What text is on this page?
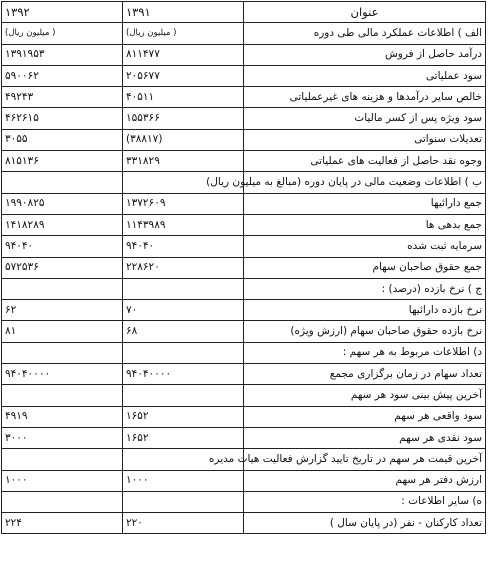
۱۳۹۲	۱۳۹۱	عنوان
( میلیون ریال)	( میلیون ریال)	الف ) اطلاعات عملکرد مالی طی دوره
۱۳۹۱۹۵۳	۸۱۱۴۷۷	درآمد حاصل از فروش
۵۹۰۰۶۲	۲۰۵۶۷۷	سود عملیاتی
۴۹۲۴۳	۴۰۵۱۱	خالص سایر درآمدها و هزینه های غیرعملیاتی
۴۶۲۶۱۵	۱۵۵۳۶۶	سود ویژه پس از کسر مالیات
۳۰۵۵	(۳۸۸۱۷)	تعدیلات سنواتی
۸۱۵۱۳۶	۳۳۱۸۲۹	وجوه نقد حاصل از فعالیت های عملیاتی
		ب ) اطلاعات وضعیت مالی در پایان دوره (مبالغ به میلیون ریال)
۱۹۹۰۸۲۵	۱۳۷۲۶۰۹	جمع دارائیها
۱۴۱۸۲۸۹	۱۱۴۳۹۸۹	جمع بدهی ها
۹۴۰۴۰	۹۴۰۴۰	سرمایه ثبت شده
۵۷۲۵۳۶	۲۲۸۶۲۰	جمع حقوق صاحبان سهام
		ج ) نرخ بازده (درصد) :
۶۲	۷۰	نرخ بازده دارائیها
۸۱	۶۸	نرخ بازده حقوق صاحبان سهام (ارزش ویژه)
		د) اطلاعات مربوط به هر سهم :
۹۴۰۴۰۰۰۰	۹۴۰۴۰۰۰۰	تعداد سهام در زمان برگزاری مجمع
		آخرین پیش بینی سود هر سهم
۴۹۱۹	۱۶۵۲	سود واقعی هر سهم
۳۰۰۰	۱۶۵۲	سود نقدی هر سهم
		آخرین قیمت هر سهم در تاریخ تایید گزارش فعالیت هیات مدیره
۱۰۰۰	۱۰۰۰	ارزش دفتر هر سهم
		ه) سایر اطلاعات :
۲۲۴	۲۲۰	تعداد کارکنان - نفر (در پایان سال )
